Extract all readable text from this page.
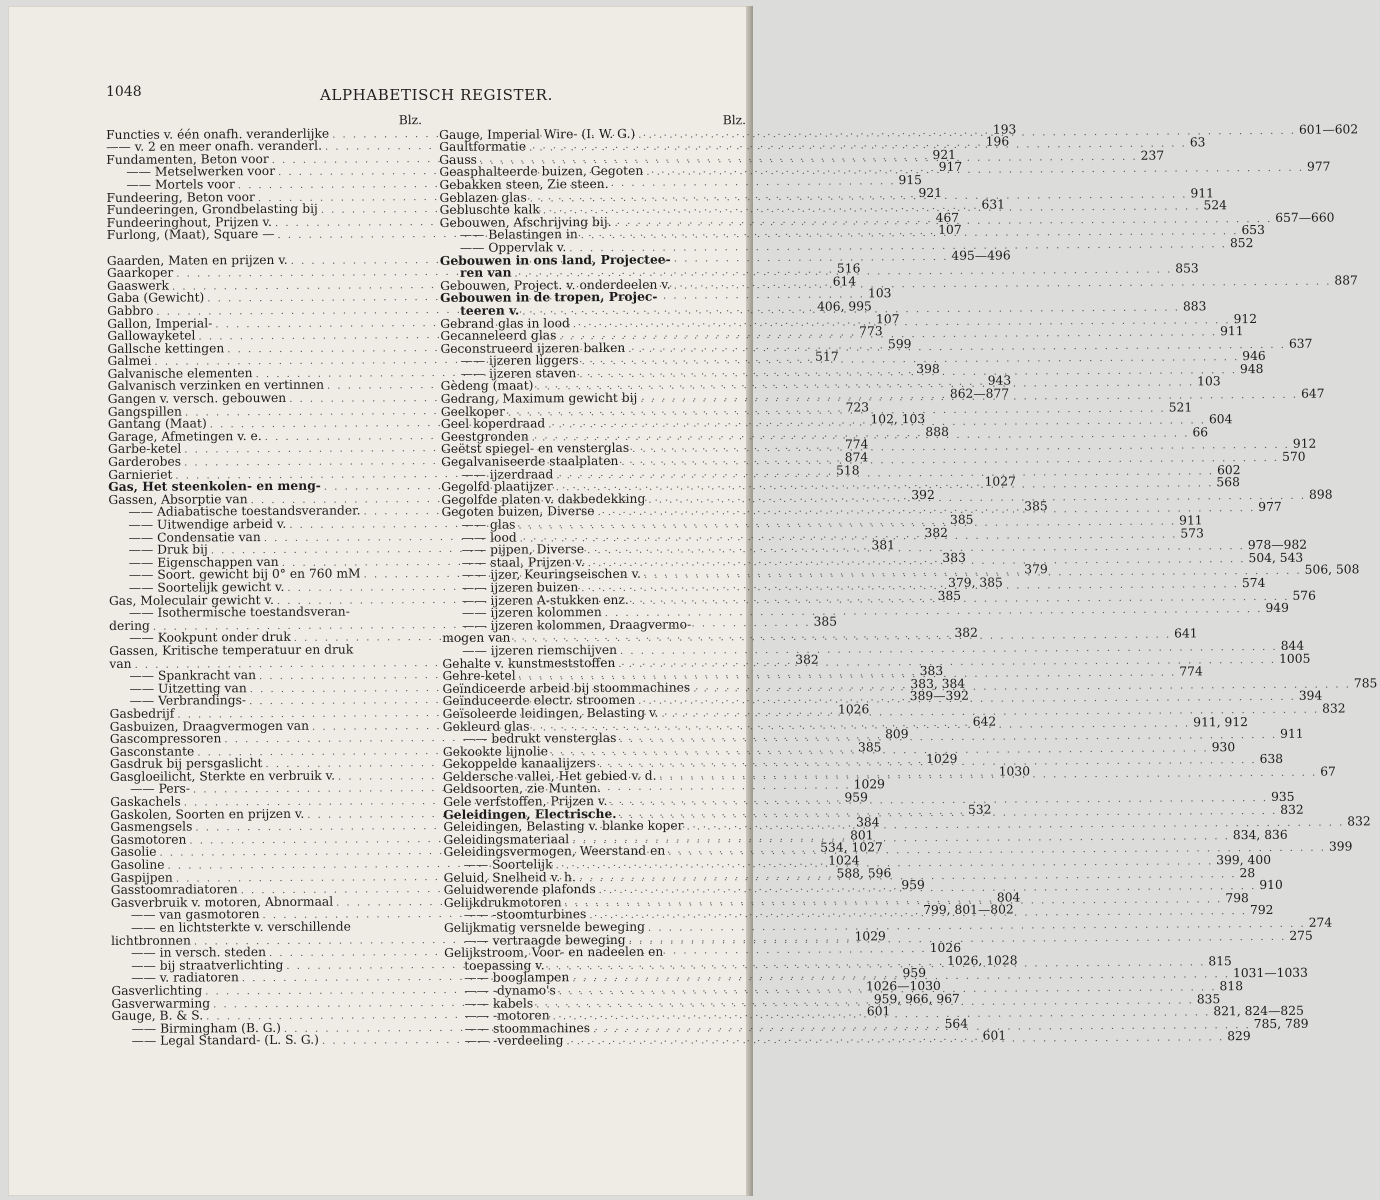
1048	ALPHABETISCH REGISTER.
Blz.
Functies v. één onafh. veranderlijke . . .	193
—— v. 2 en meer onafh. veranderl. . . .	196
Fundamenten, Beton voor . . .	921
—— Metselwerken voor . . .	917
—— Mortels voor . . .	915
Fundeering, Beton voor . . .	921
Fundeeringen, Grondbelasting bij . . .	631
Fundeeringhout, Prijzen v. . . .	467
Furlong, (Maat), Square — . . .	107
Gaarden, Maten en prijzen v. . . .	495—496
Gaarkoper . . .	516
Gaaswerk . . .	614
Gaba (Gewicht) . . .	103
Gabbro . . .	406, 995
Gallon, Imperial- . . .	107
Gallowayketel . . .	773
Gallsche kettingen . . .	599
Galmei . . .	517
Galvanische elementen . . .	398
Galvanisch verzinken en vertinnen . . .	943
Gangen v. versch. gebouwen . . .	862—877
Gangspillen . . .	723
Gantang (Maat) . . .	102, 103
Garage, Afmetingen v. e. . . .	888
Garbe-ketel . . .	774
Garderobes . . .	874
Garnieriet . . .	518
Gas, Het steenkolen- en meng- . . .	1027
Gassen, Absorptie van . . .	392
—— Adiabatische toestandsverander. . . .	385
—— Uitwendige arbeid v. . . .	385
—— Condensatie van . . .	382
—— Druk bij . . .	381
—— Eigenschappen van . . .	383
—— Soort. gewicht bij 0° en 760 mM . . .	379
—— Soortelijk gewicht v. . . .	379, 385
Gas, Moleculair gewicht v. . . .	385
—— Isothermische toestandsveran-
dering . . .	385
—— Kookpunt onder druk . . .	382
Gassen, Kritische temperatuur en druk
van . . .	382
—— Spankracht van . . .	383
—— Uitzetting van . . .	383, 384
—— Verbrandings- . . .	389—392
Gasbedrijf . . .	1026
Gasbuizen, Draagvermogen van . . .	642
Gascompressoren . . .	809
Gasconstante . . .	385
Gasdruk bij persgaslicht . . .	1029
Gasgloeilicht, Sterkte en verbruik v. . . .	1030
—— Pers- . . .	1029
Gaskachels . . .	959
Gaskolen, Soorten en prijzen v. . . .	532
Gasmengsels . . .	384
Gasmotoren . . .	801
Gasolie . . .	534, 1027
Gasoline . . .	1024
Gaspijpen . . .	588, 596
Gasstoomradiatoren . . .	959
Gasverbruik v. motoren, Abnormaal . . .	804
—— van gasmotoren . . .	799, 801—802
—— en lichtsterkte v. verschillende
lichtbronnen . . .	1029
—— in versch. steden . . .	1026
—— bij straatverlichting . . .	1026, 1028
—— v. radiatoren . . .	959
Gasverlichting . . .	1026—1030
Gasverwarming . . .	959, 966, 967
Gauge, B. & S. . . .	601
—— Birmingham (B. G.) . . .	564
—— Legal Standard- (L. S. G.) . . .	601
Blz.
Gauge, Imperial Wire- (I. W. G.) . . .	601—602
Gaultformatie . . .	63
Gauss . . .	237
Geasphalteerde buizen, Gegoten . . .	977
Gebakken steen, Zie steen.
Geblazen glas . . .	911
Gebluschte kalk . . .	524
Gebouwen, Afschrijving bij. . . .	657—660
—— Belastingen in . . .	653
—— Oppervlak v. . . .	852
Gebouwen in ons land, Projectee-
ren van . . .	853
Gebouwen, Project. v. onderdeelen v. . . .	887
Gebouwen in de tropen, Projec-
teeren v. . . .	883
Gebrand glas in lood . . .	912
Gecanneleerd glas . . .	911
Geconstrueerd ijzeren balken . . .	637
—— ijzeren liggers . . .	946
—— ijzeren staven . . .	948
Gèdeng (maat) . . .	103
Gedrang, Maximum gewicht bij . . .	647
Geelkoper . . .	521
Geel koperdraad . . .	604
Geestgronden . . .	66
Geëtst spiegel- en vensterglas . . .	912
Gegalvaniseerde staalplaten . . .	570
—— ijzerdraad . . .	602
Gegolfd plaatijzer . . .	568
Gegolfde platen v. dakbedekking . . .	898
Gegoten buizen, Diverse . . .	977
—— glas . . .	911
—— lood . . .	573
—— pijpen, Diverse . . .	978—982
—— staal, Prijzen v. . . .	504, 543
—— ijzer, Keuringseischen v. . . .	506, 508
—— ijzeren buizen . . .	574
—— ijzeren A-stukken enz. . . .	576
—— ijzeren kolommen . . .	949
—— ijzeren kolommen, Draagvermo-
mogen van . . .	641
—— ijzeren riemschijven . . .	844
Gehalte v. kunstmeststoffen . . .	1005
Gehre-ketel . . .	774
Geïndiceerde arbeid bij stoommachines . . .	785
Geïnduceerde electr. stroomen . . .	394
Geïsoleerde leidingen, Belasting v. . . .	832
Gekleurd glas . . .	911, 912
—— bedrukt vensterglas . . .	911
Gekookte lijnolie . . .	930
Gekoppelde kanaalijzers . . .	638
Geldersche vallei, Het gebied v. d. . . .	67
Geldsoorten, zie Munten.
Gele verfstoffen, Prijzen v. . . .	935
Geleidingen, Electrische. . . .	832
Geleidingen, Belasting v. blanke koper . . .	832
Geleidingsmateriaal . . .	834, 836
Geleidingsvermogen, Weerstand en . . .	399
—— Soortelijk . . .	399, 400
Geluid, Snelheid v. h. . . .	28
Geluidwerende plafonds . . .	910
Gelijkdrukmotoren . . .	798
—— -stoomturbines . . .	792
Gelijkmatig versnelde beweging . . .	274
—— vertraagde beweging . . .	275
Gelijkstroom, Voor- en nadeelen en
toepassing v. . . .	815
—— booglampen . . .	1031—1033
—— -dynamo's . . .	818
—— kabels . . .	835
—— -motoren . . .	821, 824—825
—— stoommachines . . .	785, 789
—— -verdeeling . . .	829
